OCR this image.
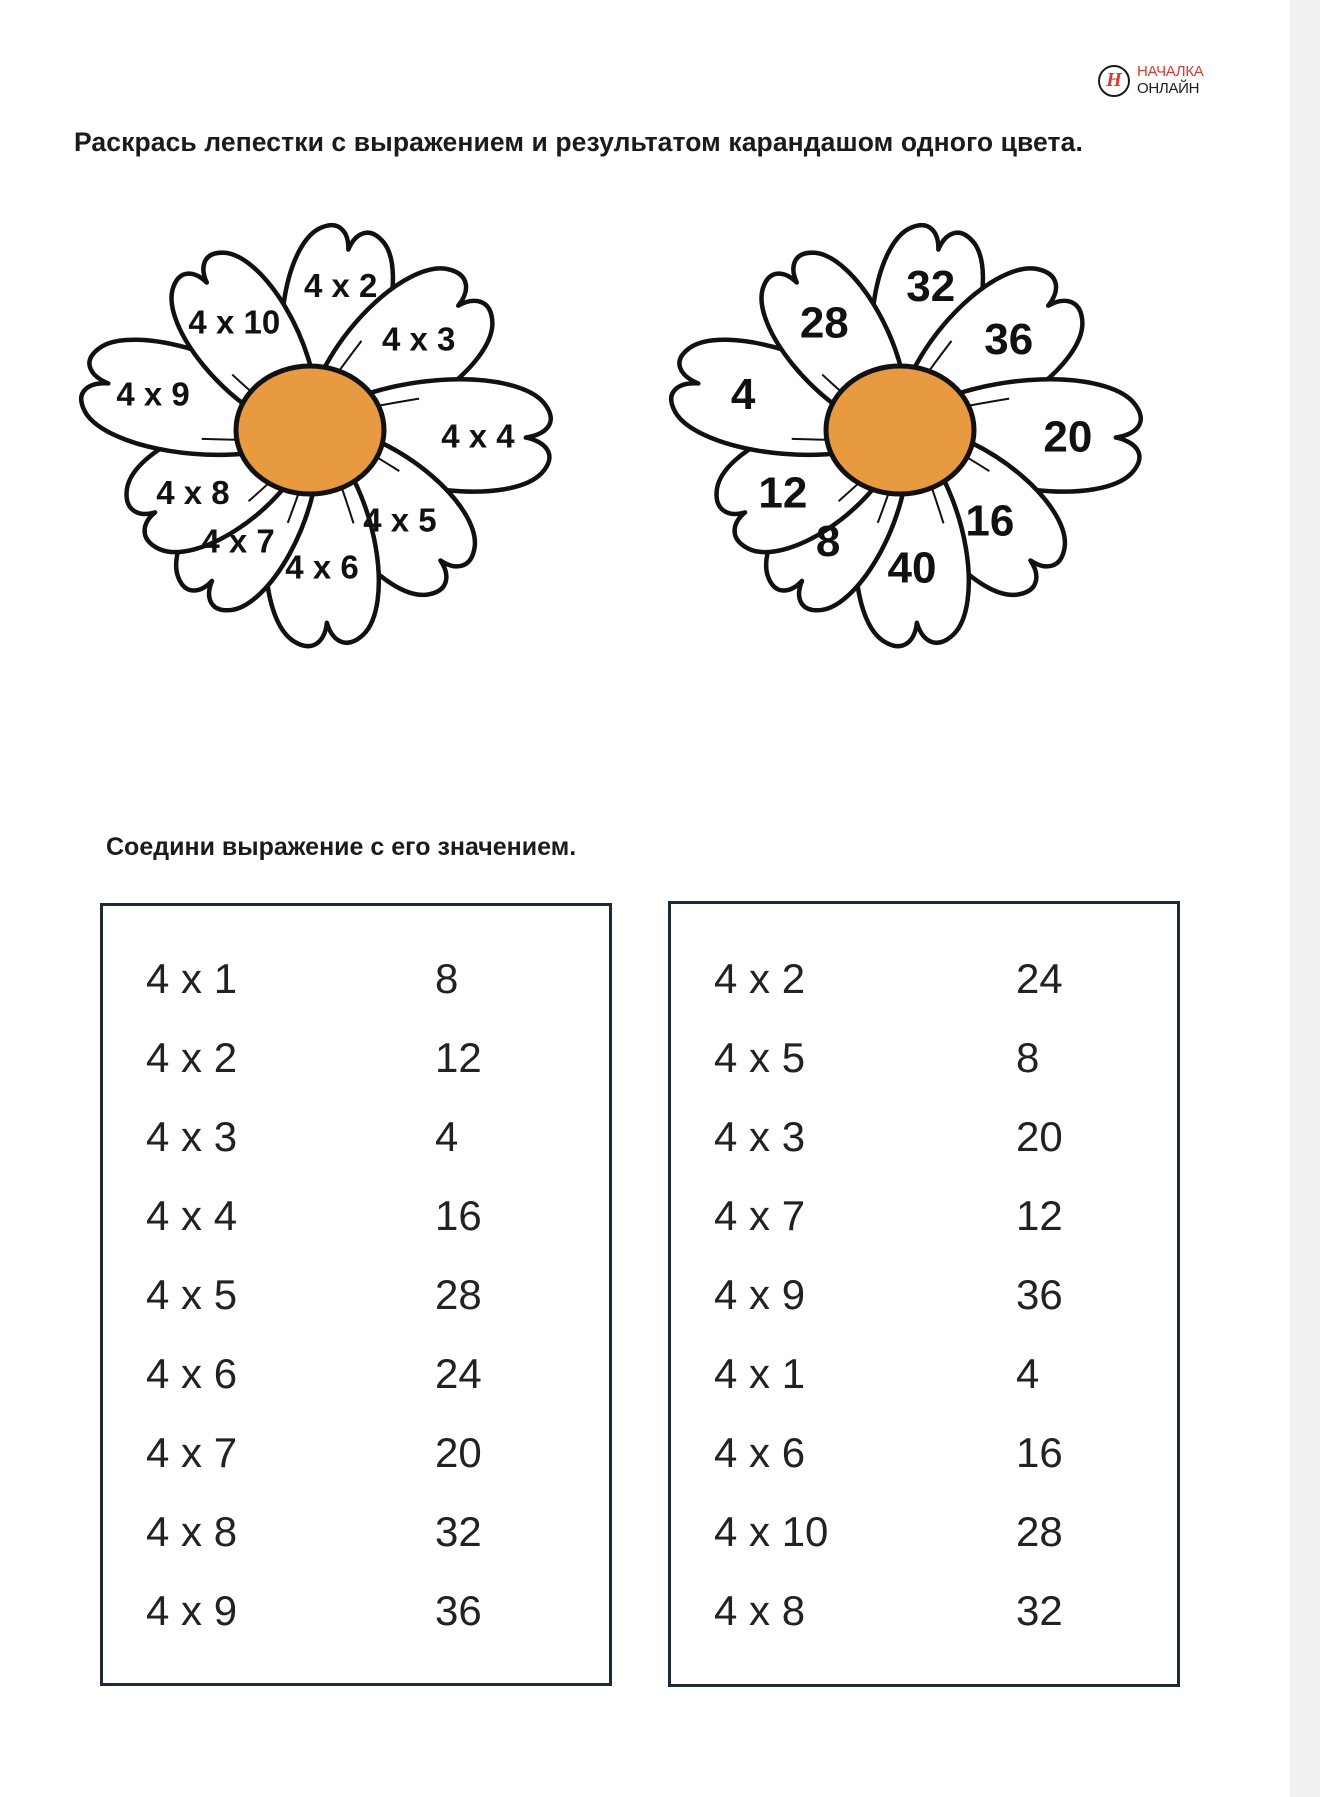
Н	НАЧАЛКА
ОНЛАЙН
Раскрась лепестки с выражением и результатом карандашом одного цвета.
4 x 2
4 x 3
4 x 4
4 x 5
4 x 6
4 x 7
4 x 8
4 x 9
4 x 10
32
36
20
16
40
8
12
4
28
Соедини выражение с его значением.
4 x 1	8
4 x 2	12
4 x 3	4
4 x 4	16
4 x 5	28
4 x 6	24
4 x 7	20
4 x 8	32
4 x 9	36
4 x 2	24
4 x 5	8
4 x 3	20
4 x 7	12
4 x 9	36
4 x 1	4
4 x 6	16
4 x 10	28
4 x 8	32
